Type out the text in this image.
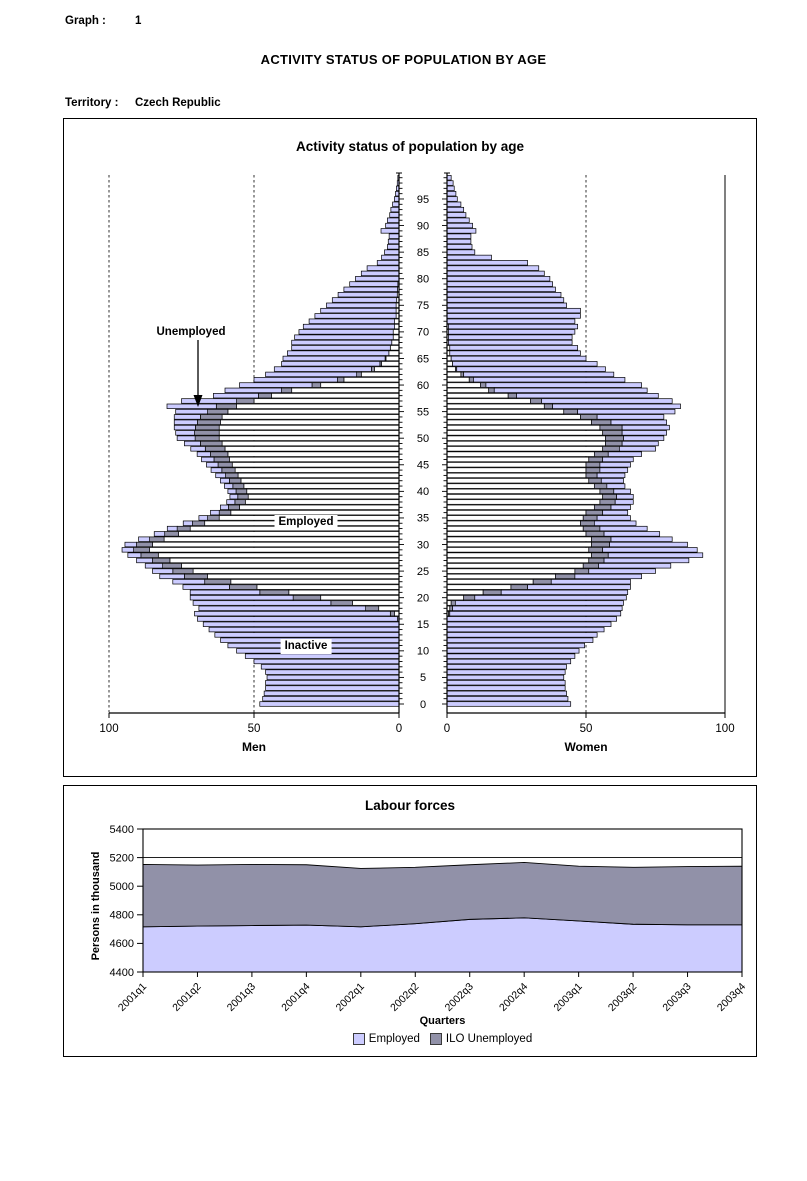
Graph :	1
ACTIVITY STATUS OF POPULATION BY AGE
Territory : Czech Republic
0
5
10
15
20
25
30
35
40
45
50
55
60
65
70
75
80
85
90
95
100	50	0	0	50	100
Activity status of population by age
Unemployed
Employed
Inactive
Men	Women
4400
4600
4800
5000
5200
5400
2001q1 2001q2 2001q3 2001q4 2002q1 2002q2 2002q3 2002q4 2003q1 2003q2 2003q3 2003q4
Labour forces
Persons in thousand
Quarters
Employed ILO Unemployed
